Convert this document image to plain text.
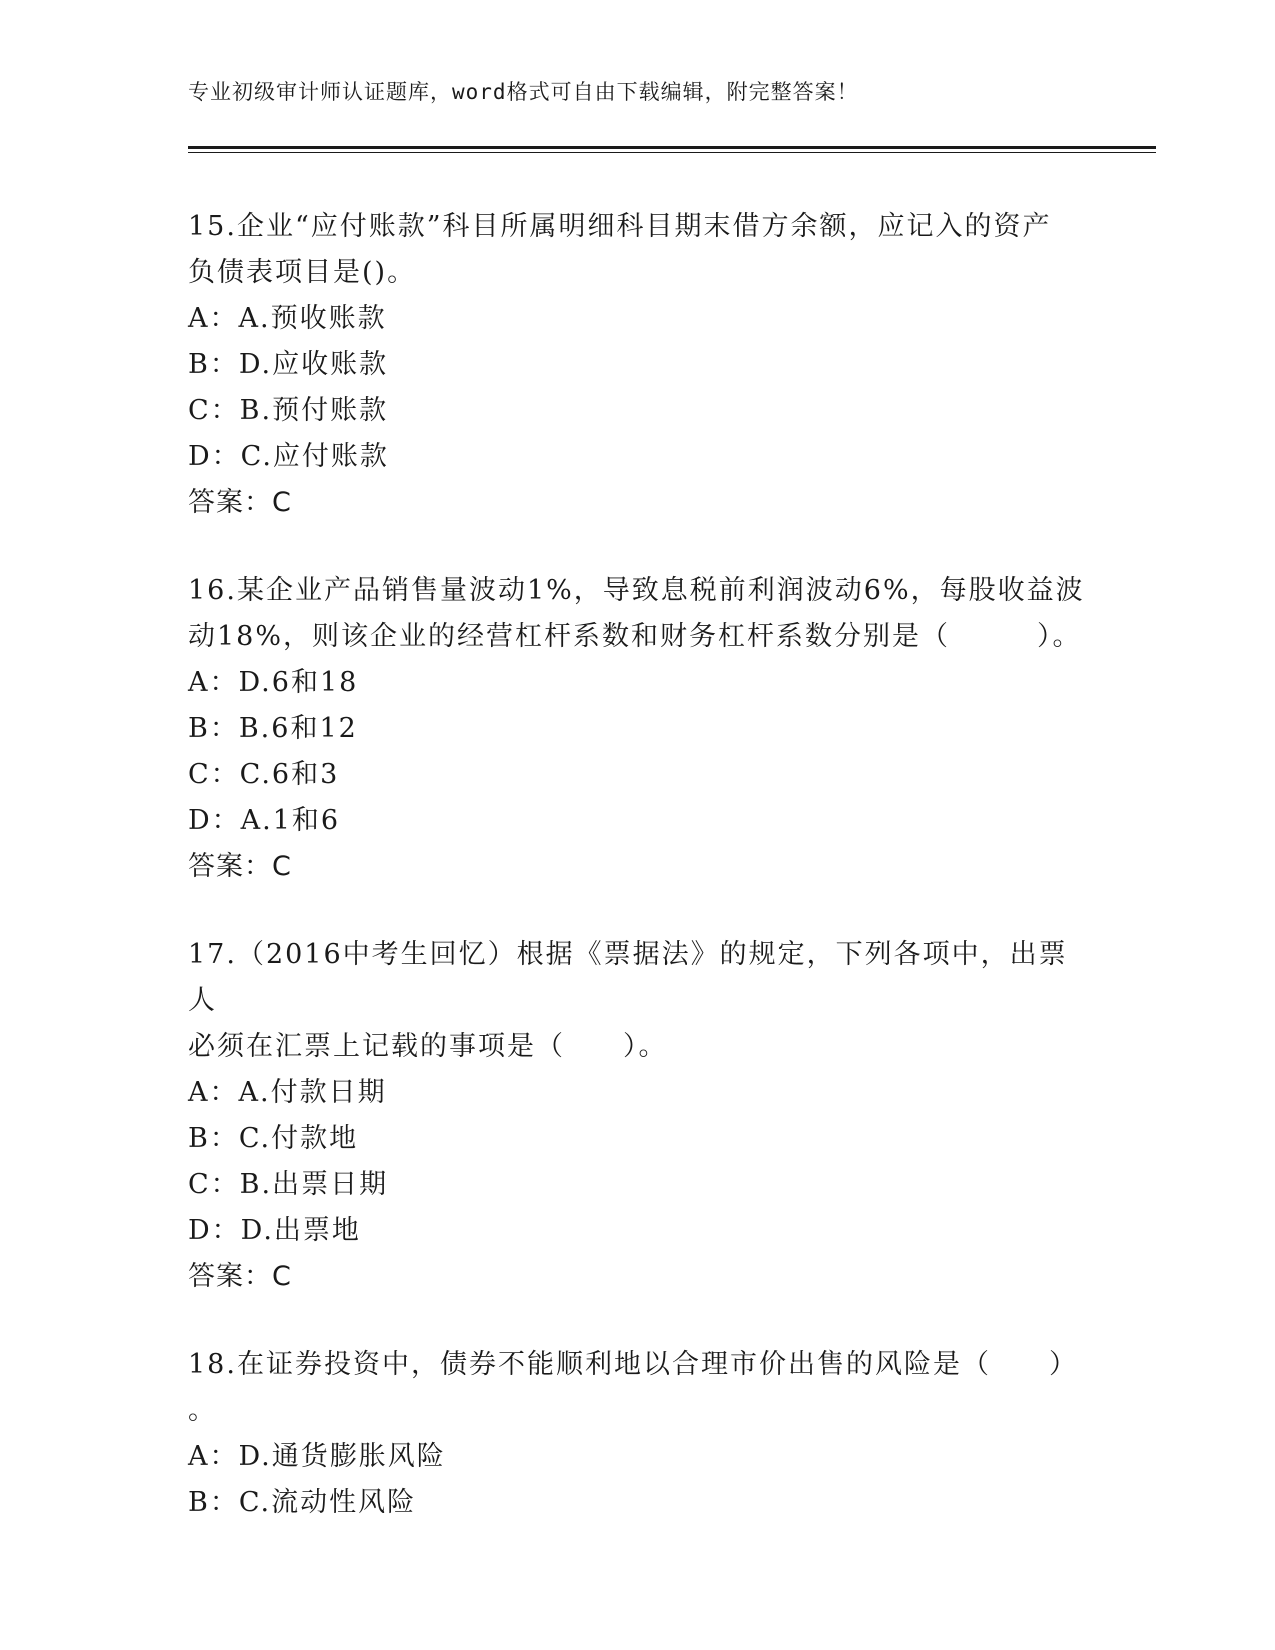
专业初级审计师认证题库，word格式可自由下载编辑，附完整答案！
15.企业“应付账款”科目所属明细科目期末借方余额，应记入的资产
负债表项目是()。
A：A.预收账款
B：D.应收账款
C：B.预付账款
D：C.应付账款
答案：C
16.某企业产品销售量波动1%，导致息税前利润波动6%，每股收益波
动18%，则该企业的经营杠杆系数和财务杠杆系数分别是（　　　）。
A：D.6和18
B：B.6和12
C：C.6和3
D：A.1和6
答案：C
17.（2016中考生回忆）根据《票据法》的规定，下列各项中，出票人
必须在汇票上记载的事项是（　　）。
A：A.付款日期
B：C.付款地
C：B.出票日期
D：D.出票地
答案：C
18.在证券投资中，债券不能顺利地以合理市价出售的风险是（　　）
。
A：D.通货膨胀风险
B：C.流动性风险
